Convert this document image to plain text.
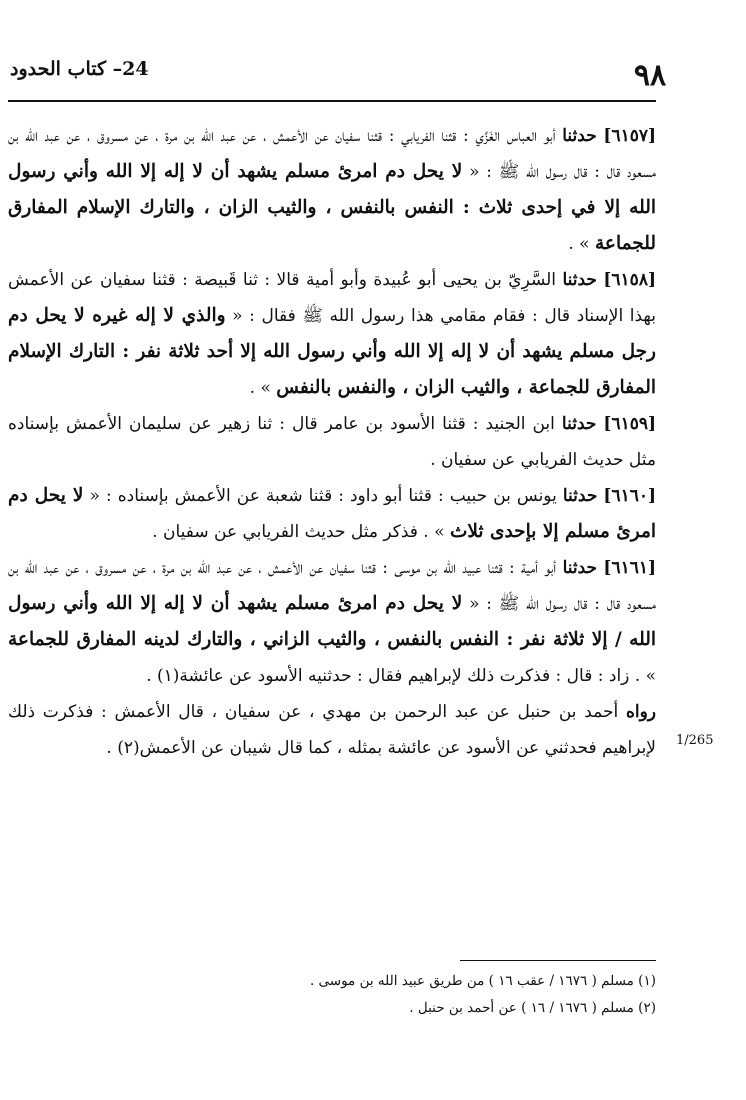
٩٨
24– كتاب الحدود

[٦١٥٧] حدثنا أبو العباس الغَزِّي : قثنا الفريابي : قثنا سفيان عن الأعمش ، عن عبد الله بن مرة ، عن مسروق ، عن عبد الله بن مسعود قال : قال رسول الله ﷺ : « لا يحل دم امرئ مسلم يشهد أن لا إله إلا الله وأني رسول الله إلا في إحدى ثلاث : النفس بالنفس ، والثيب الزان ، والتارك الإسلام المفارق للجماعة » .

[٦١٥٨] حدثنا السَّرِيّ بن يحيى أبو عُبيدة وأبو أمية قالا : ثنا قَبيصة : قثنا سفيان عن الأعمش بهذا الإسناد قال : فقام مقامي هذا رسول الله ﷺ فقال : « والذي لا إله غيره لا يحل دم رجل مسلم يشهد أن لا إله إلا الله وأني رسول الله إلا أحد ثلاثة نفر : التارك الإسلام المفارق للجماعة ، والثيب الزان ، والنفس بالنفس » .

[٦١٥٩] حدثنا ابن الجنيد : قثنا الأسود بن عامر قال : ثنا زهير عن سليمان الأعمش بإسناده مثل حديث الفريابي عن سفيان .

[٦١٦٠] حدثنا يونس بن حبيب : قثنا أبو داود : قثنا شعبة عن الأعمش بإسناده : « لا يحل دم امرئ مسلم إلا بإحدى ثلاث » . فذكر مثل حديث الفريابي عن سفيان .

[٦١٦١] حدثنا أبو أمية : قثنا عبيد الله بن موسى : قثنا سفيان عن الأعمش ، عن عبد الله بن مرة ، عن مسروق ، عن عبد الله بن مسعود قال : قال رسول الله ﷺ : « لا يحل دم امرئ مسلم يشهد أن لا إله إلا الله وأني رسول الله / إلا ثلاثة نفر : النفس بالنفس ، والثيب الزاني ، والتارك لدينه المفارق للجماعة » . زاد : قال : فذكرت ذلك لإبراهيم فقال : حدثنيه الأسود عن عائشة(١) .

رواه أحمد بن حنبل عن عبد الرحمن بن مهدي ، عن سفيان ، قال الأعمش : فذكرت ذلك لإبراهيم فحدثني عن الأسود عن عائشة بمثله ، كما قال شيبان عن الأعمش(٢) . 1/265

(١) مسلم ( ١٦٧٦ / عقب ١٦ ) من طريق عبيد الله بن موسى .

(٢) مسلم ( ١٦٧٦ / ١٦ ) عن أحمد بن حنبل .
